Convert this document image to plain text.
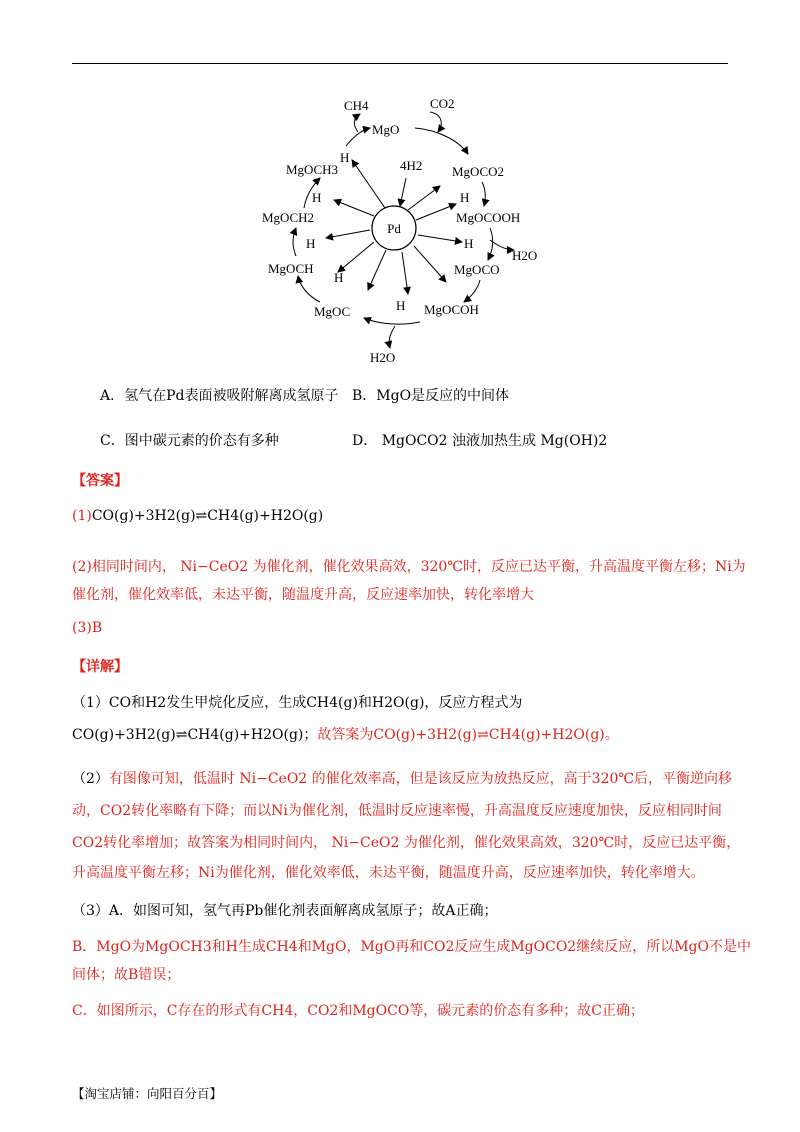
Pd
4H2
CH4	CO2
H2O
H2O
MgO
MgOCO2
MgOCOOH
MgOCO
MgOCOH
MgOC
MgOCH
MgOCH2
MgOCH3
H
H
H
H
H
H
H
A．氢气在Pd表面被吸附解离成氢原子 B．MgO是反应的中间体
C．图中碳元素的价态有多种	D． MgOCO2 浊液加热生成 Mg(OH)2
【答案】
(1)CO(g)+3H2(g)⇌CH4(g)+H2O(g)
(2)相同时间内， Ni−CeO2 为催化剂，催化效果高效，320℃时，反应已达平衡，升高温度平衡左移；Ni为
催化剂，催化效率低，未达平衡，随温度升高，反应速率加快，转化率增大
(3)B
【详解】
（1）CO和H2发生甲烷化反应，生成CH4(g)和H2O(g)，反应方程式为
CO(g)+3H2(g)⇌CH4(g)+H2O(g)；故答案为CO(g)+3H2(g)⇌CH4(g)+H2O(g)。
（2）有图像可知，低温时 Ni−CeO2 的催化效率高，但是该反应为放热反应，高于320℃后，平衡逆向移
动，CO2转化率略有下降；而以Ni为催化剂，低温时反应速率慢，升高温度反应速度加快，反应相同时间
CO2转化率增加；故答案为相同时间内， Ni−CeO2 为催化剂，催化效果高效，320℃时，反应已达平衡，
升高温度平衡左移；Ni为催化剂，催化效率低，未达平衡，随温度升高，反应速率加快，转化率增大。
（3）A．如图可知，氢气再Pb催化剂表面解离成氢原子；故A正确；
B．MgO为MgOCH3和H生成CH4和MgO，MgO再和CO2反应生成MgOCO2继续反应，所以MgO不是中
间体；故B错误；
C．如图所示，C存在的形式有CH4，CO2和MgOCO等，碳元素的价态有多种；故C正确；
【淘宝店铺：向阳百分百】
